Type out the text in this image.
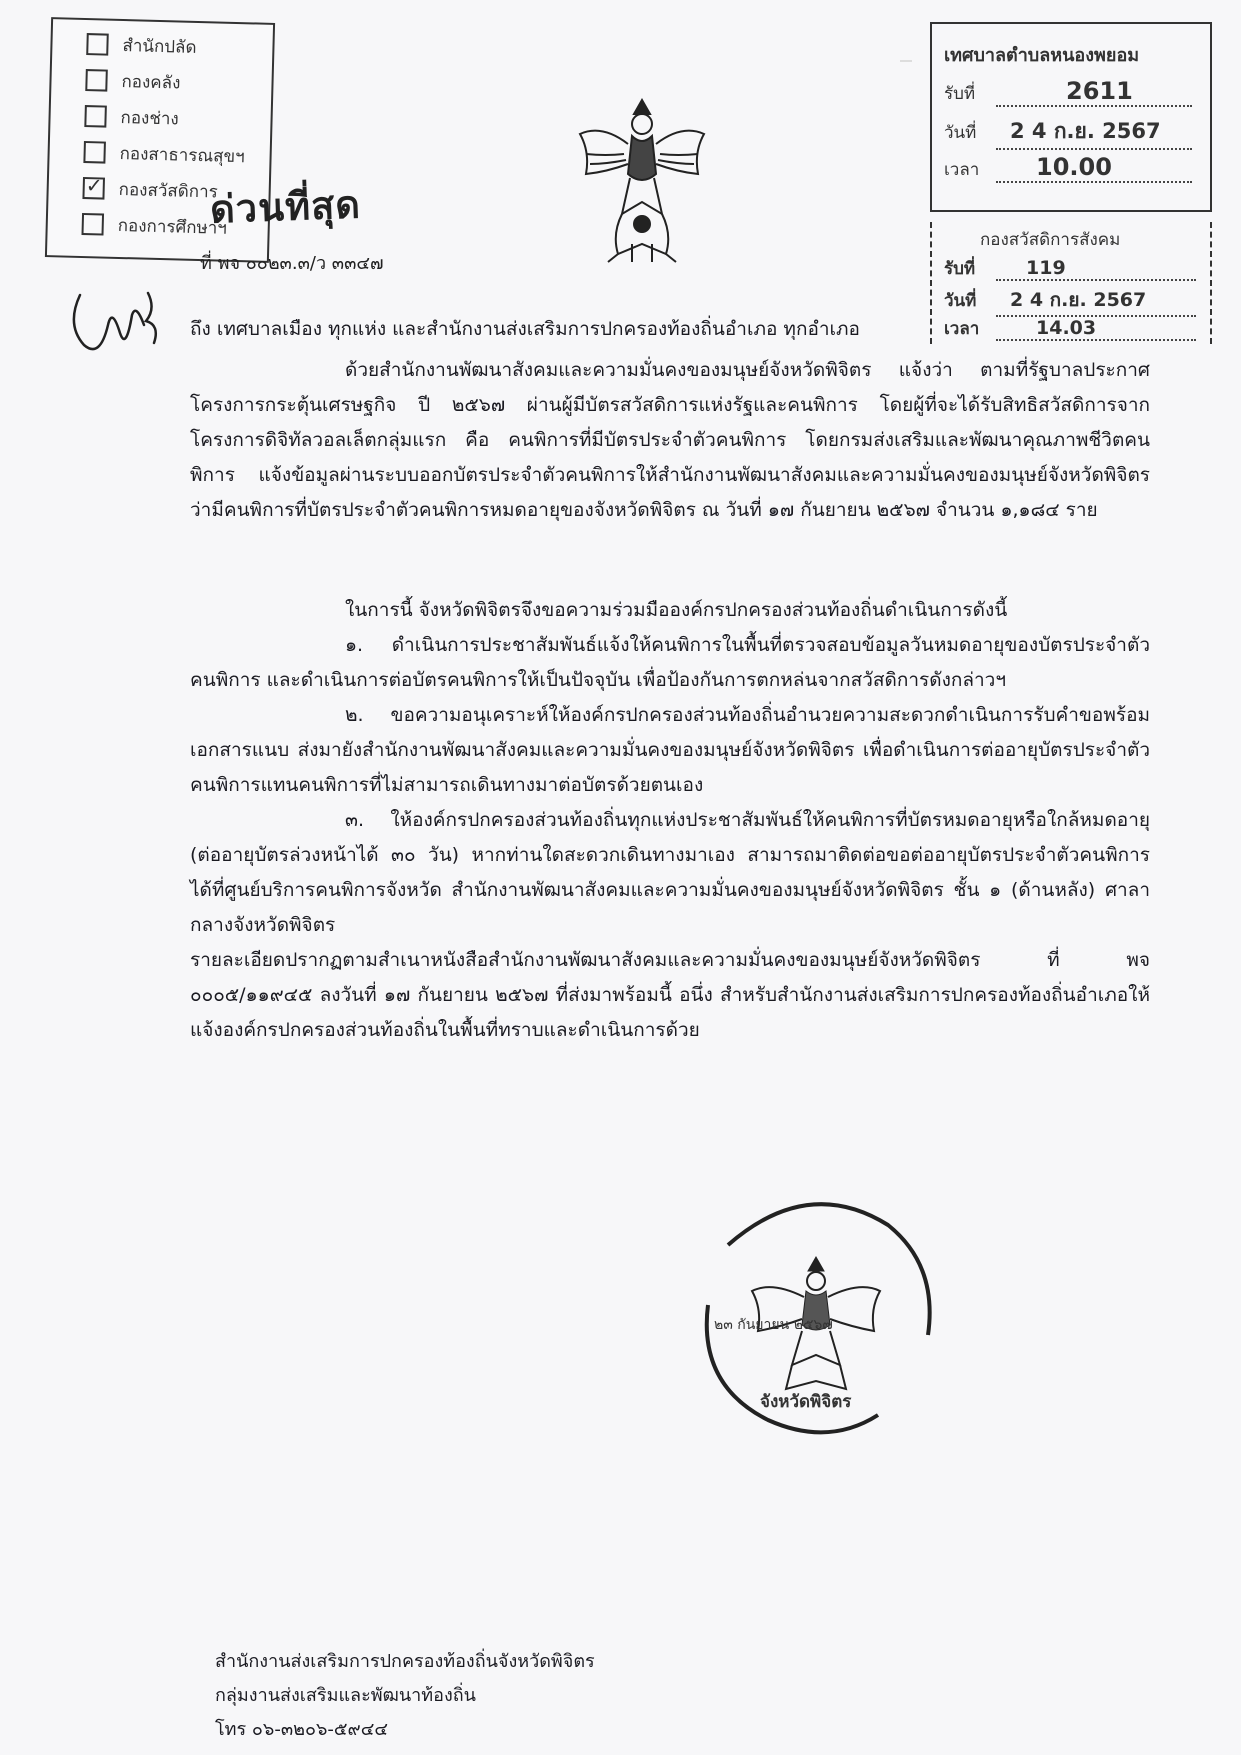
สำนักปลัด
กองคลัง
กองช่าง
กองสาธารณสุขฯ
✓
กองสวัสดิการ
กองการศึกษาฯ
ด่วนที่สุด
ที่ พจ ๐๐๒๓.๓/ว ๓๓๔๗
เทศบาลตำบลหนองพยอม
รับที่	2611
วันที่	2 4 ก.ย. 2567
เวลา	10.00
กองสวัสดิการสังคม
รับที่	119
วันที่	2 4 ก.ย. 2567
เวลา	14.03
ถึง เทศบาลเมือง ทุกแห่ง และสำนักงานส่งเสริมการปกครองท้องถิ่นอำเภอ ทุกอำเภอ
ด้วยสำนักงานพัฒนาสังคมและความมั่นคงของมนุษย์จังหวัดพิจิตร แจ้งว่า ตามที่รัฐบาลประกาศโครงการกระตุ้นเศรษฐกิจ ปี ๒๕๖๗ ผ่านผู้มีบัตรสวัสดิการแห่งรัฐและคนพิการ โดยผู้ที่จะได้รับสิทธิสวัสดิการจากโครงการดิจิทัลวอลเล็ตกลุ่มแรก คือ คนพิการที่มีบัตรประจำตัวคนพิการ โดยกรมส่งเสริมและพัฒนาคุณภาพชีวิตคนพิการ แจ้งข้อมูลผ่านระบบออกบัตรประจำตัวคนพิการให้สำนักงานพัฒนาสังคมและความมั่นคงของมนุษย์จังหวัดพิจิตร ว่ามีคนพิการที่บัตรประจำตัวคนพิการหมดอายุของจังหวัดพิจิตร ณ วันที่ ๑๗ กันยายน ๒๕๖๗ จำนวน ๑,๑๘๔ ราย
ในการนี้ จังหวัดพิจิตรจึงขอความร่วมมือองค์กรปกครองส่วนท้องถิ่นดำเนินการดังนี้
๑. ดำเนินการประชาสัมพันธ์แจ้งให้คนพิการในพื้นที่ตรวจสอบข้อมูลวันหมดอายุของบัตรประจำตัวคนพิการ และดำเนินการต่อบัตรคนพิการให้เป็นปัจจุบัน เพื่อป้องกันการตกหล่นจากสวัสดิการดังกล่าวฯ
๒. ขอความอนุเคราะห์ให้องค์กรปกครองส่วนท้องถิ่นอำนวยความสะดวกดำเนินการรับคำขอพร้อมเอกสารแนบ ส่งมายังสำนักงานพัฒนาสังคมและความมั่นคงของมนุษย์จังหวัดพิจิตร เพื่อดำเนินการต่ออายุบัตรประจำตัวคนพิการแทนคนพิการที่ไม่สามารถเดินทางมาต่อบัตรด้วยตนเอง
๓. ให้องค์กรปกครองส่วนท้องถิ่นทุกแห่งประชาสัมพันธ์ให้คนพิการที่บัตรหมดอายุหรือใกล้หมดอายุ (ต่ออายุบัตรล่วงหน้าได้ ๓๐ วัน) หากท่านใดสะดวกเดินทางมาเอง สามารถมาติดต่อขอต่ออายุบัตรประจำตัวคนพิการได้ที่ศูนย์บริการคนพิการจังหวัด สำนักงานพัฒนาสังคมและความมั่นคงของมนุษย์จังหวัดพิจิตร ชั้น ๑ (ด้านหลัง) ศาลากลางจังหวัดพิจิตร
รายละเอียดปรากฏตามสำเนาหนังสือสำนักงานพัฒนาสังคมและความมั่นคงของมนุษย์จังหวัดพิจิตร ที่ พจ ๐๐๐๕/๑๑๙๔๕ ลงวันที่ ๑๗ กันยายน ๒๕๖๗ ที่ส่งมาพร้อมนี้ อนึ่ง สำหรับสำนักงานส่งเสริมการปกครองท้องถิ่นอำเภอให้แจ้งองค์กรปกครองส่วนท้องถิ่นในพื้นที่ทราบและดำเนินการด้วย
๒๓ กันยายน ๒๕๖๗
จังหวัดพิจิตร
สำนักงานส่งเสริมการปกครองท้องถิ่นจังหวัดพิจิตร
กลุ่มงานส่งเสริมและพัฒนาท้องถิ่น
โทร ๐๖-๓๒๐๖-๕๙๔๔
